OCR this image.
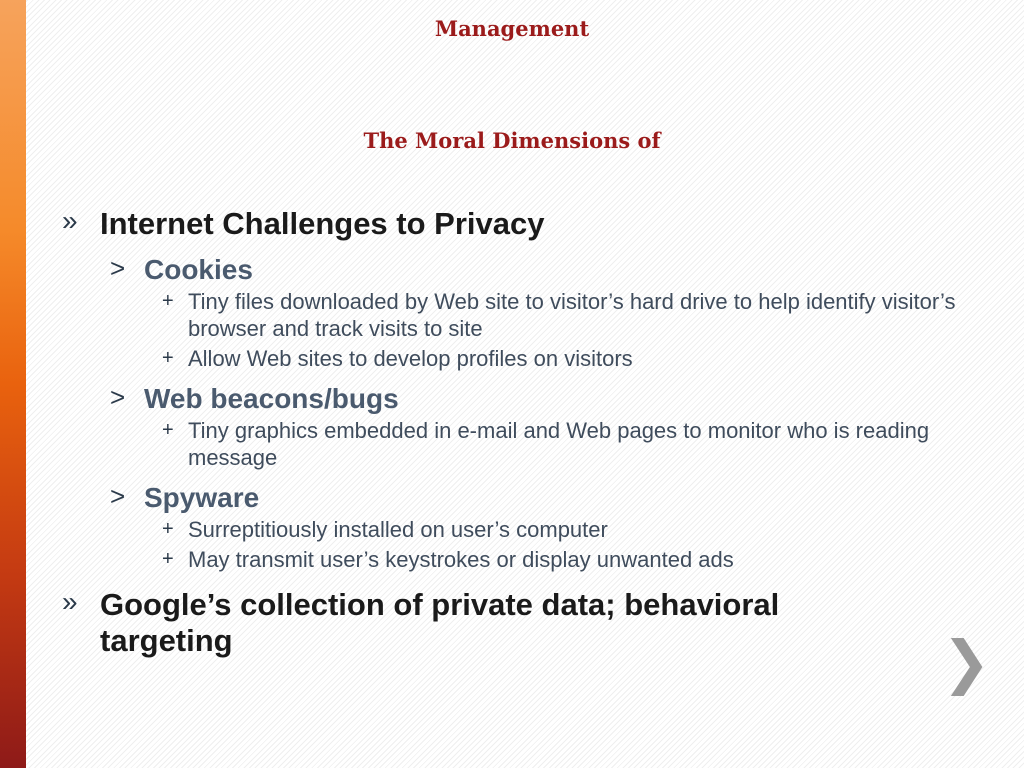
Management
The Moral Dimensions of
» Internet Challenges to Privacy
> Cookies
+ Tiny files downloaded by Web site to visitor’s hard drive to help identify visitor’s browser and track visits to site
+ Allow Web sites to develop profiles on visitors
> Web beacons/bugs
+ Tiny graphics embedded in e-mail and Web pages to monitor who is reading message
> Spyware
+ Surreptitiously installed on user’s computer
+ May transmit user’s keystrokes or display unwanted ads
» Google’s collection of private data; behavioral targeting	❯
